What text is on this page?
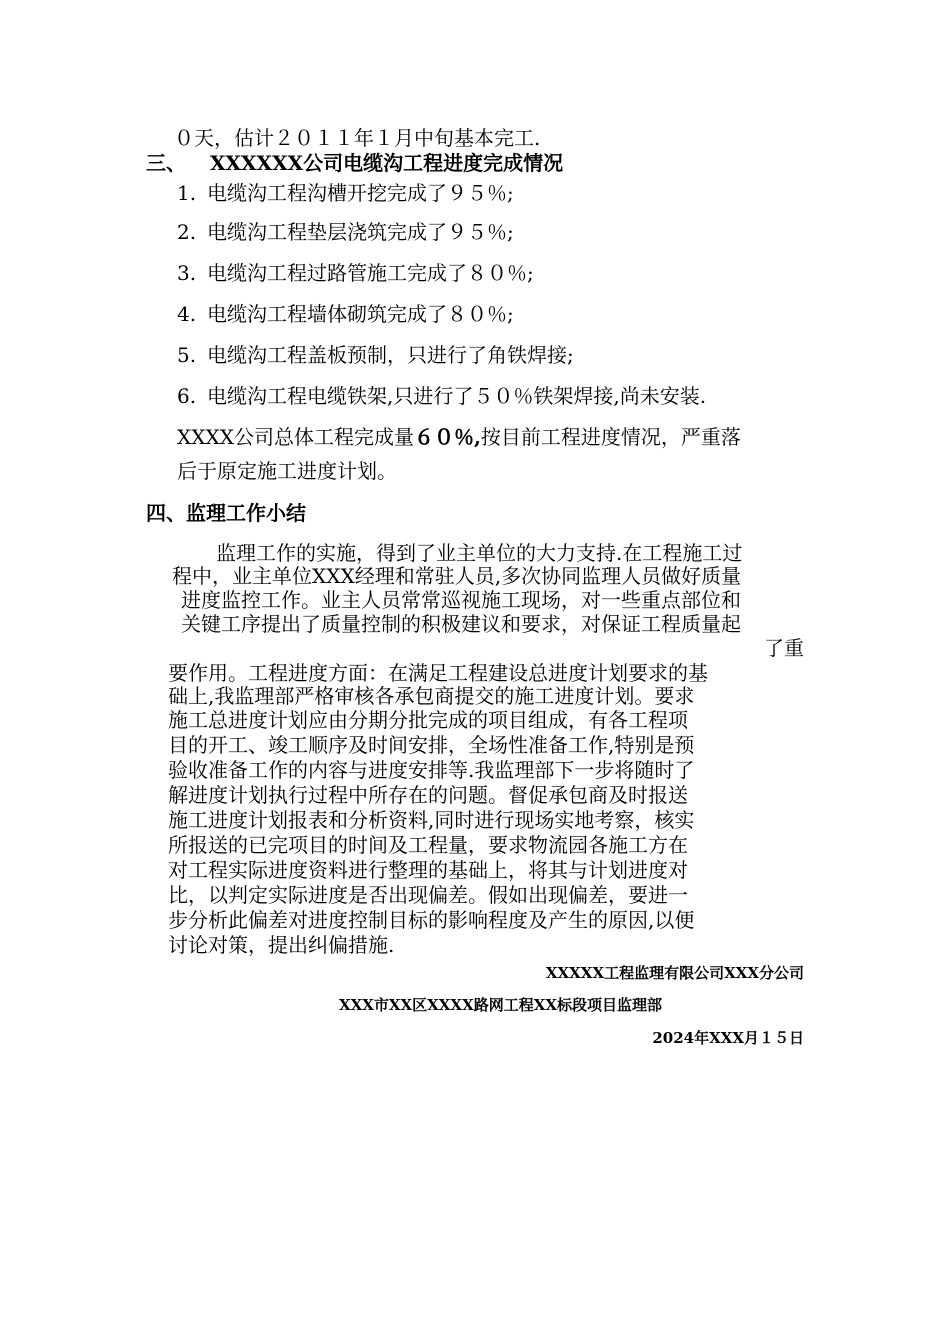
０天，估计２０１１年１月中旬基本完工.
三、 XXXXXX公司电缆沟工程进度完成情况
1. 电缆沟工程沟槽开挖完成了９５％;
2. 电缆沟工程垫层浇筑完成了９５％;
3. 电缆沟工程过路管施工完成了８０％;
4. 电缆沟工程墙体砌筑完成了８０％;
5. 电缆沟工程盖板预制，只进行了角铁焊接;
6. 电缆沟工程电缆铁架,只进行了５０％铁架焊接,尚未安装.
XXXX公司总体工程完成量６０％,按目前工程进度情况，严重落
后于原定施工进度计划。
四、监理工作小结
监理工作的实施，得到了业主单位的大力支持.在工程施工过
程中，业主单位XXX经理和常驻人员,多次协同监理人员做好质量
进度监控工作。业主人员常常巡视施工现场，对一些重点部位和
关键工序提出了质量控制的积极建议和要求，对保证工程质量起
了重
要作用。工程进度方面：在满足工程建设总进度计划要求的基
础上,我监理部严格审核各承包商提交的施工进度计划。要求
施工总进度计划应由分期分批完成的项目组成，有各工程项
目的开工、竣工顺序及时间安排，全场性准备工作,特别是预
验收准备工作的内容与进度安排等.我监理部下一步将随时了
解进度计划执行过程中所存在的问题。督促承包商及时报送
施工进度计划报表和分析资料,同时进行现场实地考察，核实
所报送的已完项目的时间及工程量，要求物流园各施工方在
对工程实际进度资料进行整理的基础上，将其与计划进度对
比，以判定实际进度是否出现偏差。假如出现偏差，要进一
步分析此偏差对进度控制目标的影响程度及产生的原因,以便
讨论对策，提出纠偏措施.
XXXXX工程监理有限公司XXX分公司
XXX市XX区XXXX路网工程XX标段项目监理部
2024年XXX月１５日
